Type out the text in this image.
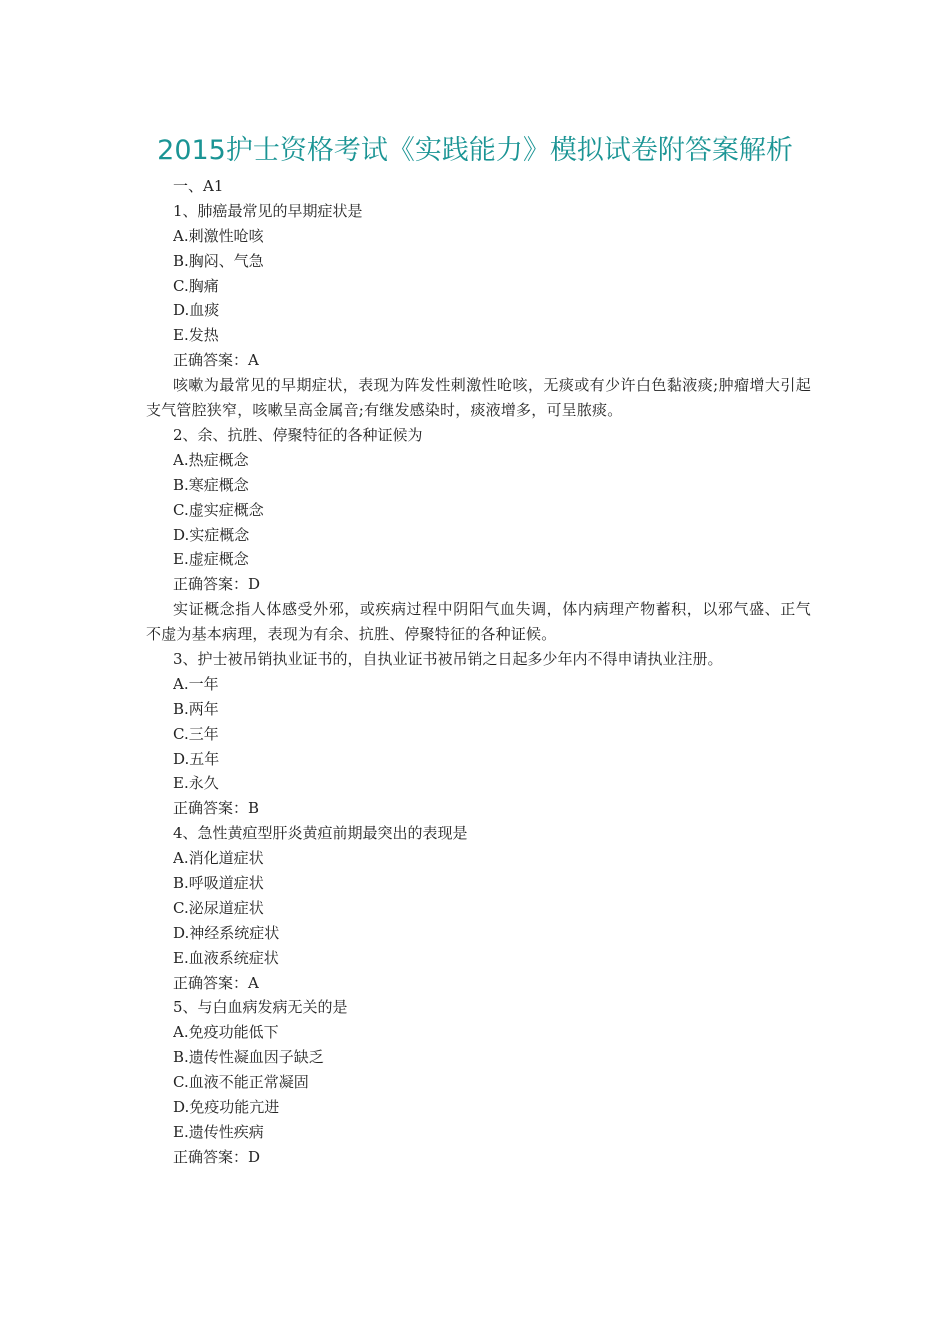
2015护士资格考试《实践能力》模拟试卷附答案解析
一、A1
1、肺癌最常见的早期症状是
A.刺激性呛咳
B.胸闷、气急
C.胸痛
D.血痰
E.发热
正确答案：A
咳嗽为最常见的早期症状，表现为阵发性刺激性呛咳，无痰或有少许白色黏液痰;肿瘤增大引起支气管腔狭窄，咳嗽呈高金属音;有继发感染时，痰液增多，可呈脓痰。
2、余、抗胜、停聚特征的各种证候为
A.热症概念
B.寒症概念
C.虚实症概念
D.实症概念
E.虚症概念
正确答案：D
实证概念指人体感受外邪，或疾病过程中阴阳气血失调，体内病理产物蓄积，以邪气盛、正气不虚为基本病理，表现为有余、抗胜、停聚特征的各种证候。
3、护士被吊销执业证书的，自执业证书被吊销之日起多少年内不得申请执业注册。
A.一年
B.两年
C.三年
D.五年
E.永久
正确答案：B
4、急性黄疸型肝炎黄疸前期最突出的表现是
A.消化道症状
B.呼吸道症状
C.泌尿道症状
D.神经系统症状
E.血液系统症状
正确答案：A
5、与白血病发病无关的是
A.免疫功能低下
B.遗传性凝血因子缺乏
C.血液不能正常凝固
D.免疫功能亢进
E.遗传性疾病
正确答案：D
